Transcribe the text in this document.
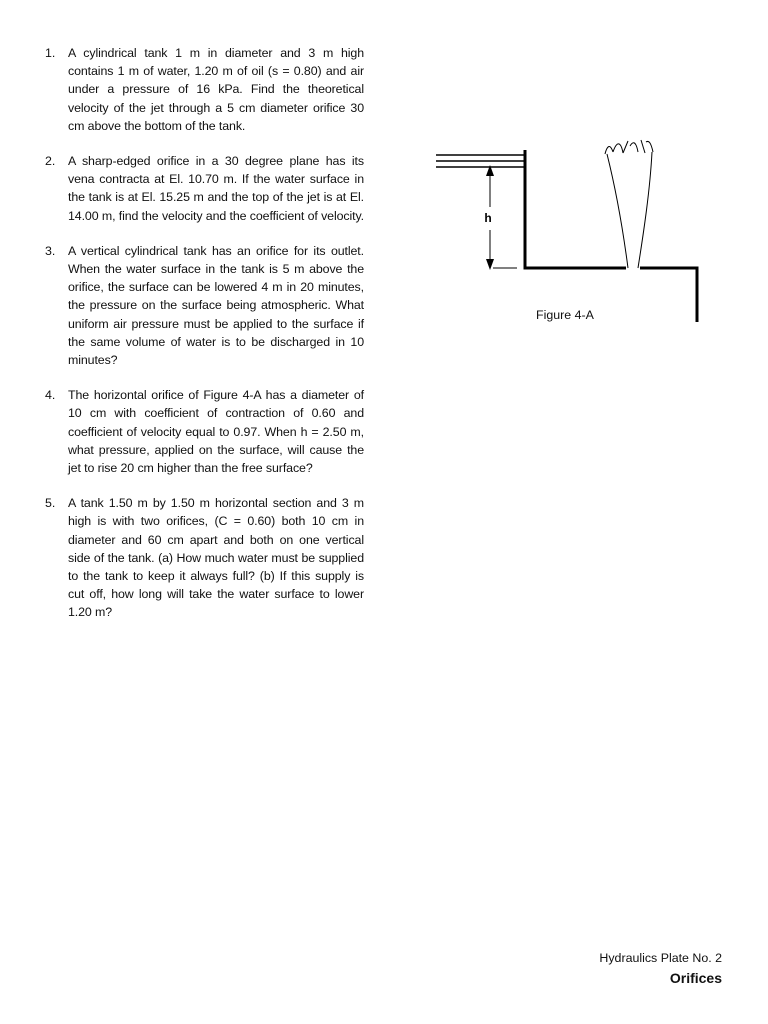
1.	A cylindrical tank 1 m in diameter and 3 m high contains 1 m of water, 1.20 m of oil (s = 0.80) and air under a pressure of 16 kPa. Find the theoretical velocity of the jet through a 5 cm diameter orifice 30 cm above the bottom of the tank.
2.	A sharp-edged orifice in a 30 degree plane has its vena contracta at El. 10.70 m. If the water surface in the tank is at El. 15.25 m and the top of the jet is at El. 14.00 m, find the velocity and the coefficient of velocity.
3.	A vertical cylindrical tank has an orifice for its outlet. When the water surface in the tank is 5 m above the orifice, the surface can be lowered 4 m in 20 minutes, the pressure on the surface being atmospheric. What uniform air pressure must be applied to the surface if the same volume of water is to be discharged in 10 minutes?
4.	The horizontal orifice of Figure 4-A has a diameter of 10 cm with coefficient of contraction of 0.60 and coefficient of velocity equal to 0.97. When h = 2.50 m, what pressure, applied on the surface, will cause the jet to rise 20 cm higher than the free surface?
5.	A tank 1.50 m by 1.50 m horizontal section and 3 m high is with two orifices, (C = 0.60) both 10 cm in diameter and 60 cm apart and both on one vertical side of the tank. (a) How much water must be supplied to the tank to keep it always full? (b) If this supply is cut off, how long will take the water surface to lower 1.20 m?
h
Figure 4-A
Hydraulics Plate No. 2
Orifices
